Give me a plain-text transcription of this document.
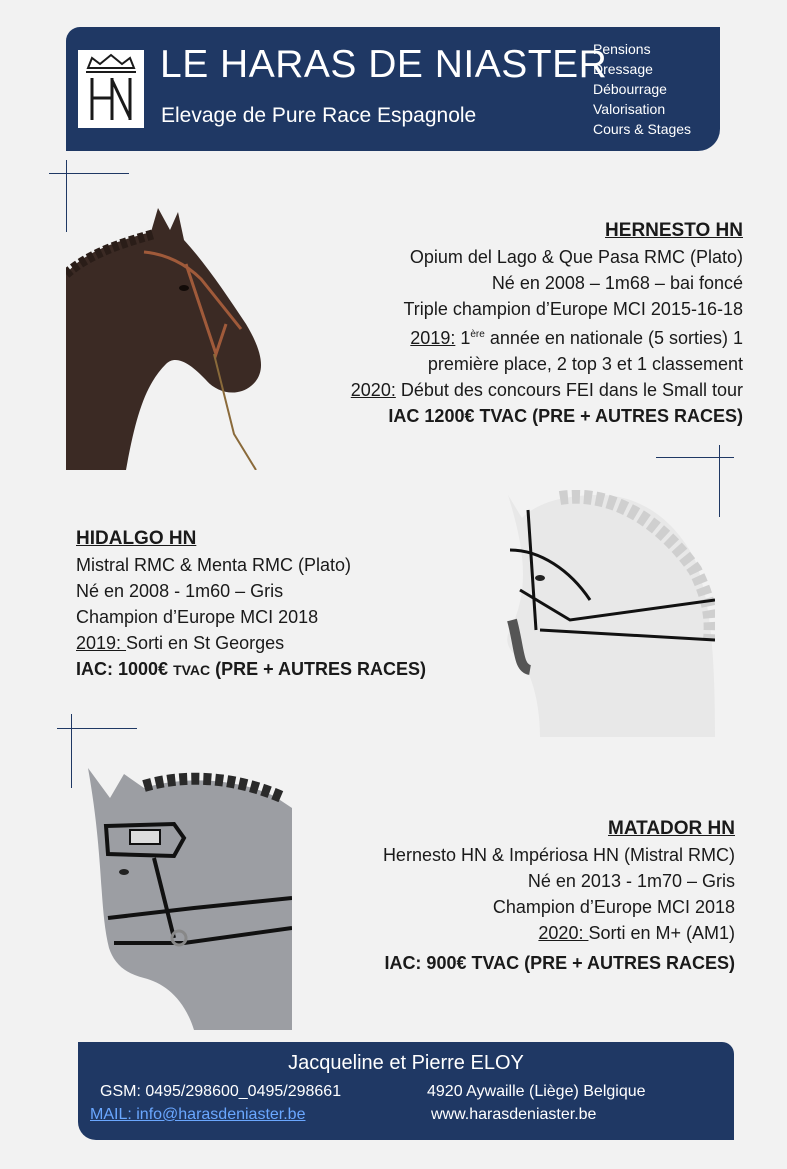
LE HARAS DE NIASTER
Elevage de Pure Race Espagnole
Pensions
Dressage
Débourrage
Valorisation
Cours & Stages
HERNESTO HN
Opium del Lago & Que Pasa RMC (Plato)
Né en 2008 – 1m68 – bai foncé
Triple champion d’Europe MCI 2015-16-18
2019: 1ère année en nationale (5 sorties) 1
première place, 2 top 3 et 1 classement
2020: Début des concours FEI dans le Small tour
IAC 1200€ TVAC (PRE + AUTRES RACES)
HIDALGO HN
Mistral RMC & Menta RMC (Plato)
Né en 2008 - 1m60 – Gris
Champion d’Europe MCI 2018
2019: Sorti en St Georges
IAC: 1000€ TVAC (PRE + AUTRES RACES)
MATADOR HN
Hernesto HN & Impériosa HN (Mistral RMC)
Né en 2013 - 1m70 – Gris
Champion d’Europe MCI 2018
2020: Sorti en M+ (AM1)
IAC: 900€ TVAC (PRE + AUTRES RACES)
Jacqueline et Pierre ELOY
GSM: 0495/298600_0495/298661	4920 Aywaille (Liège) Belgique
MAIL: info@harasdeniaster.be	www.harasdeniaster.be
